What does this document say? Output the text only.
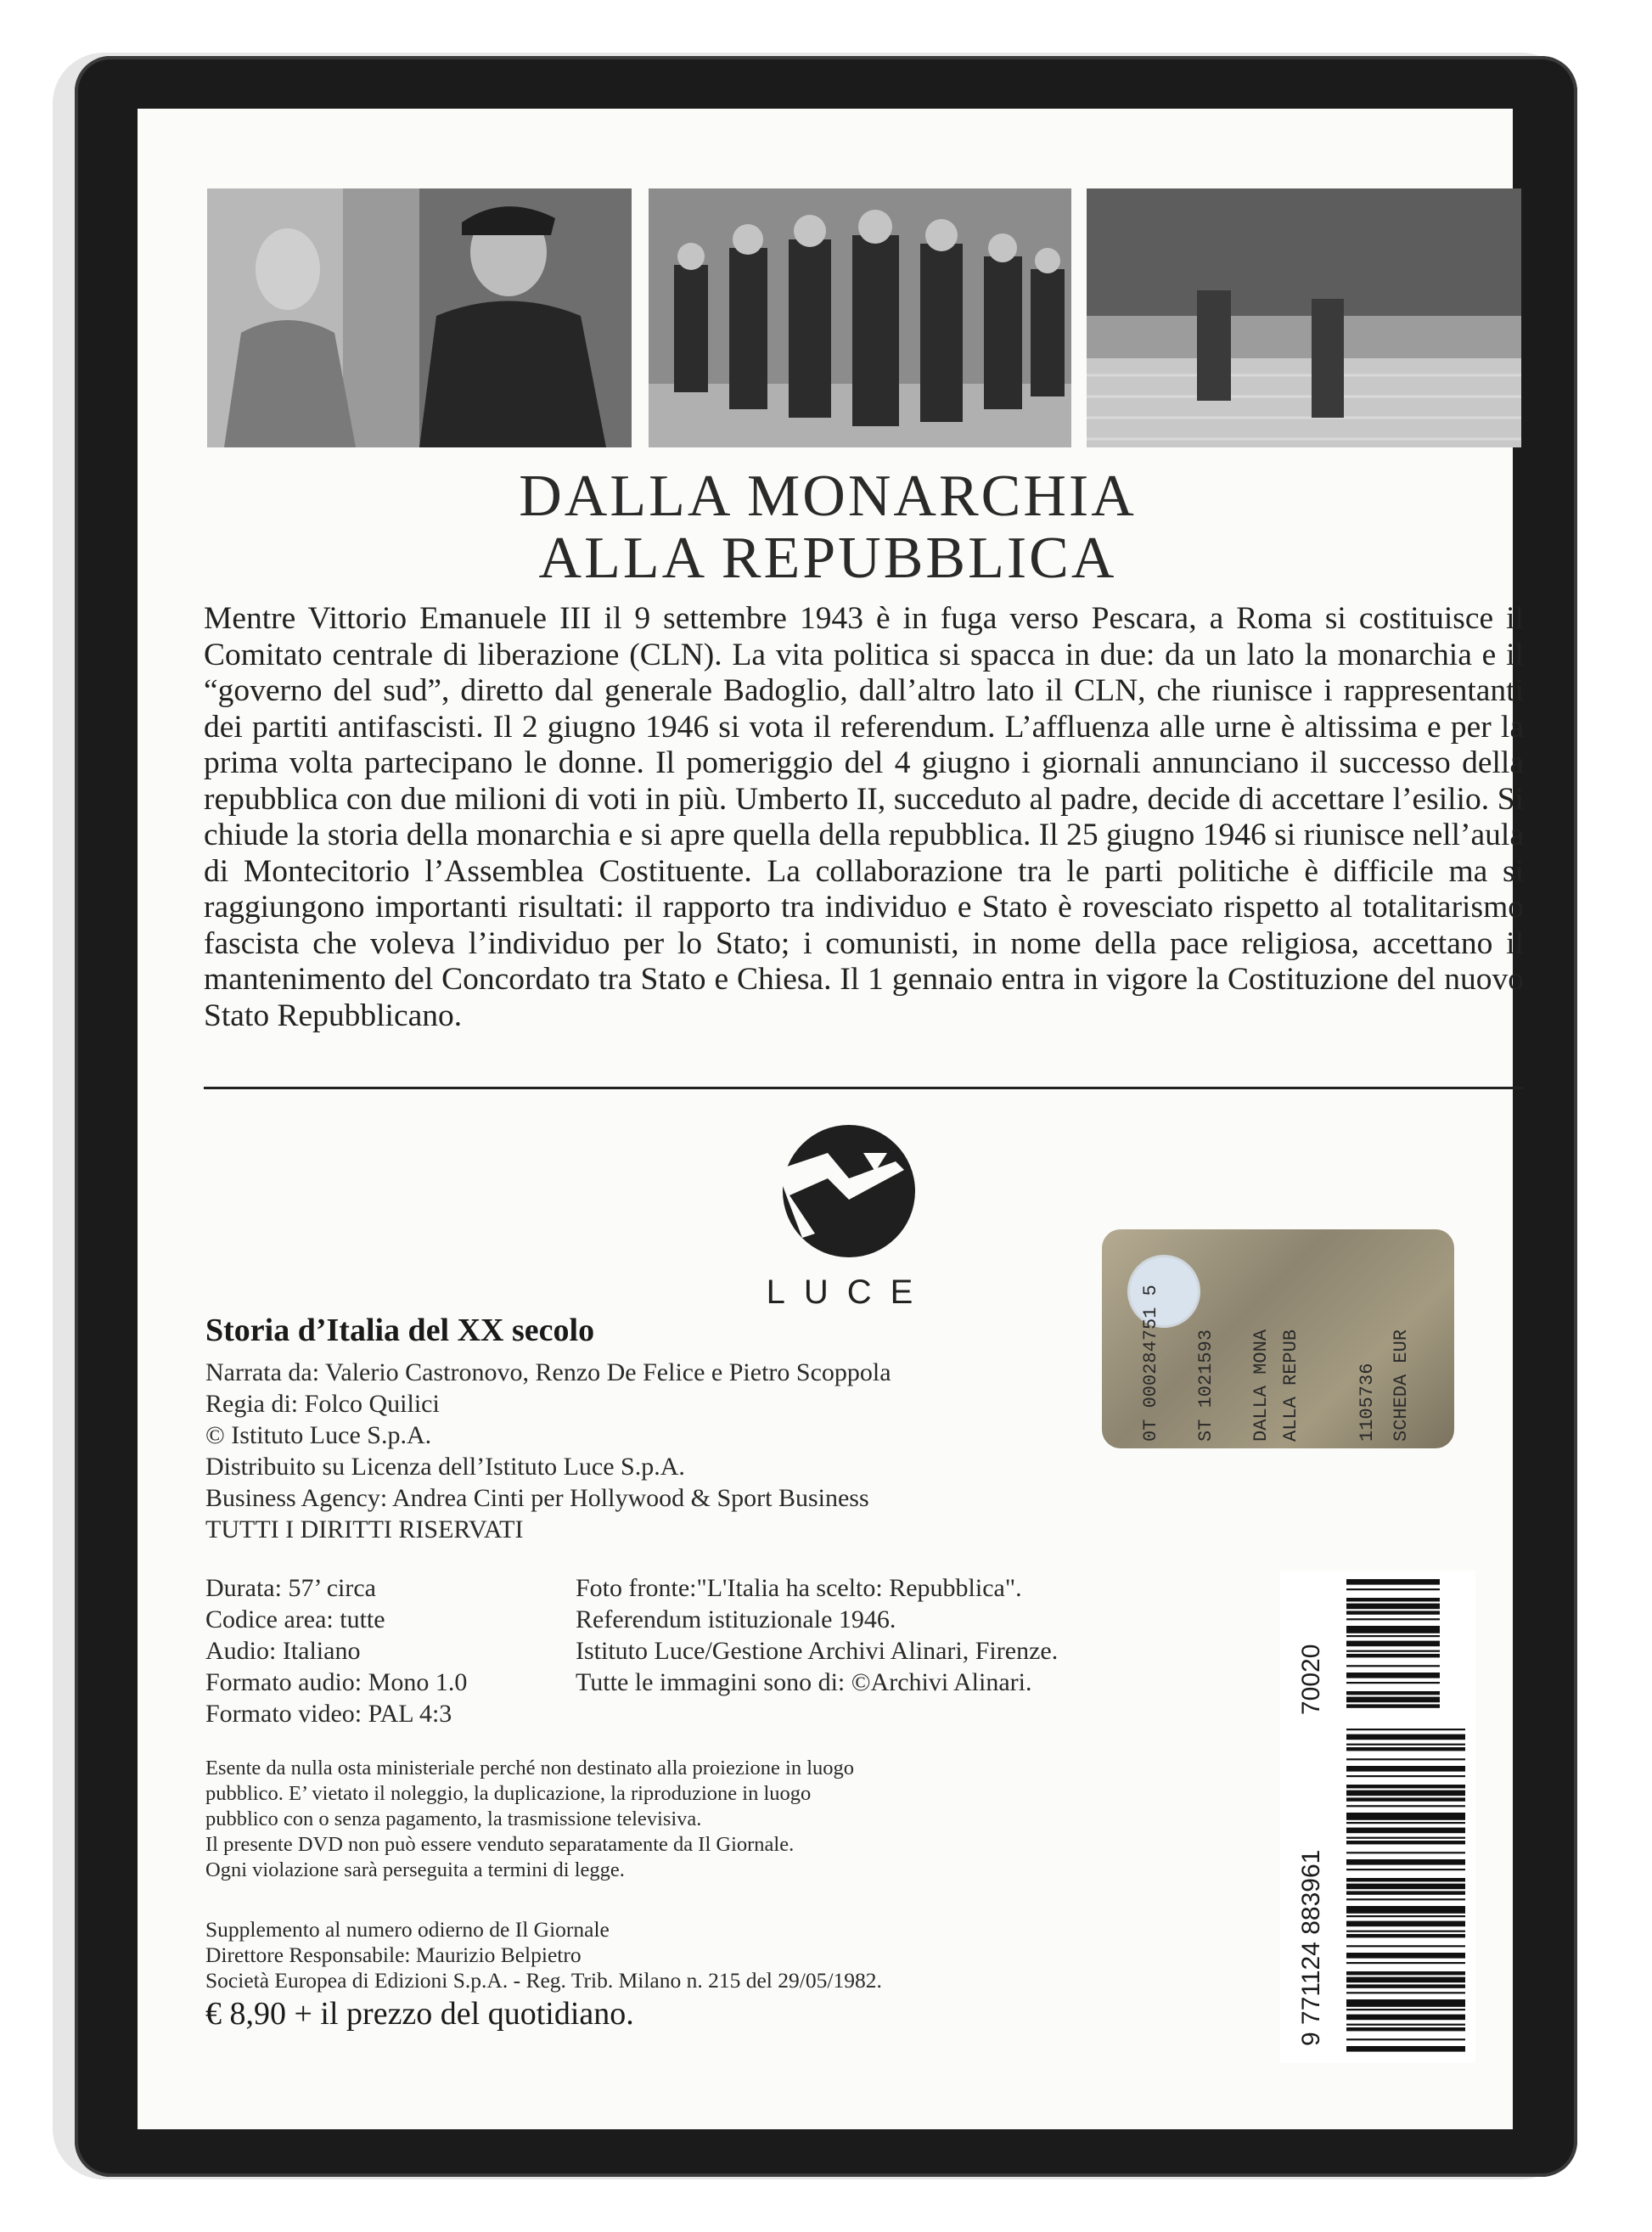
DALLA MONARCHIA
ALLA REPUBBLICA
Mentre Vittorio Emanuele III il 9 settembre 1943 è in fuga verso Pescara, a Roma si costituisce il Comitato centrale di liberazione (CLN). La vita politica si spacca in due: da un lato la monarchia e il “governo del sud”, diretto dal generale Badoglio, dall’altro lato il CLN, che riunisce i rappresentanti dei partiti antifascisti. Il 2 giugno 1946 si vota il referendum. L’affluenza alle urne è altissima e per la prima volta partecipano le donne. Il pomeriggio del 4 giugno i giornali annunciano il successo della repubblica con due milioni di voti in più. Umberto II, succeduto al padre, decide di accettare l’esilio. Si chiude la storia della monarchia e si apre quella della repubblica. Il 25 giugno 1946 si riunisce nell’aula di Montecitorio l’Assemblea Costituente. La collaborazione tra le parti politiche è difficile ma si raggiungono importanti risultati: il rapporto tra individuo e Stato è rovesciato rispetto al totalitarismo fascista che voleva l’individuo per lo Stato; i comunisti, in nome della pace religiosa, accettano il mantenimento del Concordato tra Stato e Chiesa. Il 1 gennaio entra in vigore la Costituzione del nuovo Stato Repubblicano.
LUCE	0T 000284751 5 ST 1021593 DALLA MONA ALLA REPUB	1105736 SCHEDA EUR
Storia d’Italia del XX secolo
Narrata da: Valerio Castronovo, Renzo De Felice e Pietro Scoppola
Regia di: Folco Quilici
© Istituto Luce S.p.A.
Distribuito su Licenza dell’Istituto Luce S.p.A.
Business Agency: Andrea Cinti per Hollywood & Sport Business
TUTTI I DIRITTI RISERVATI
Durata: 57’ circa
Codice area: tutte
Audio: Italiano
Formato audio: Mono 1.0
Formato video: PAL 4:3
Foto fronte:"L'Italia ha scelto: Repubblica".
Referendum istituzionale 1946.
Istituto Luce/Gestione Archivi Alinari, Firenze.
Tutte le immagini sono di: ©Archivi Alinari.
Esente da nulla osta ministeriale perché non destinato alla proiezione in luogo
pubblico. E’ vietato il noleggio, la duplicazione, la riproduzione in luogo
pubblico con o senza pagamento, la trasmissione televisiva.
Il presente DVD non può essere venduto separatamente da Il Giornale.
Ogni violazione sarà perseguita a termini di legge.
Supplemento al numero odierno de Il Giornale
Direttore Responsabile: Maurizio Belpietro
Società Europea di Edizioni S.p.A. - Reg. Trib. Milano n. 215 del 29/05/1982.
€ 8,90 + il prezzo del quotidiano.
70020
9 771124 883961
